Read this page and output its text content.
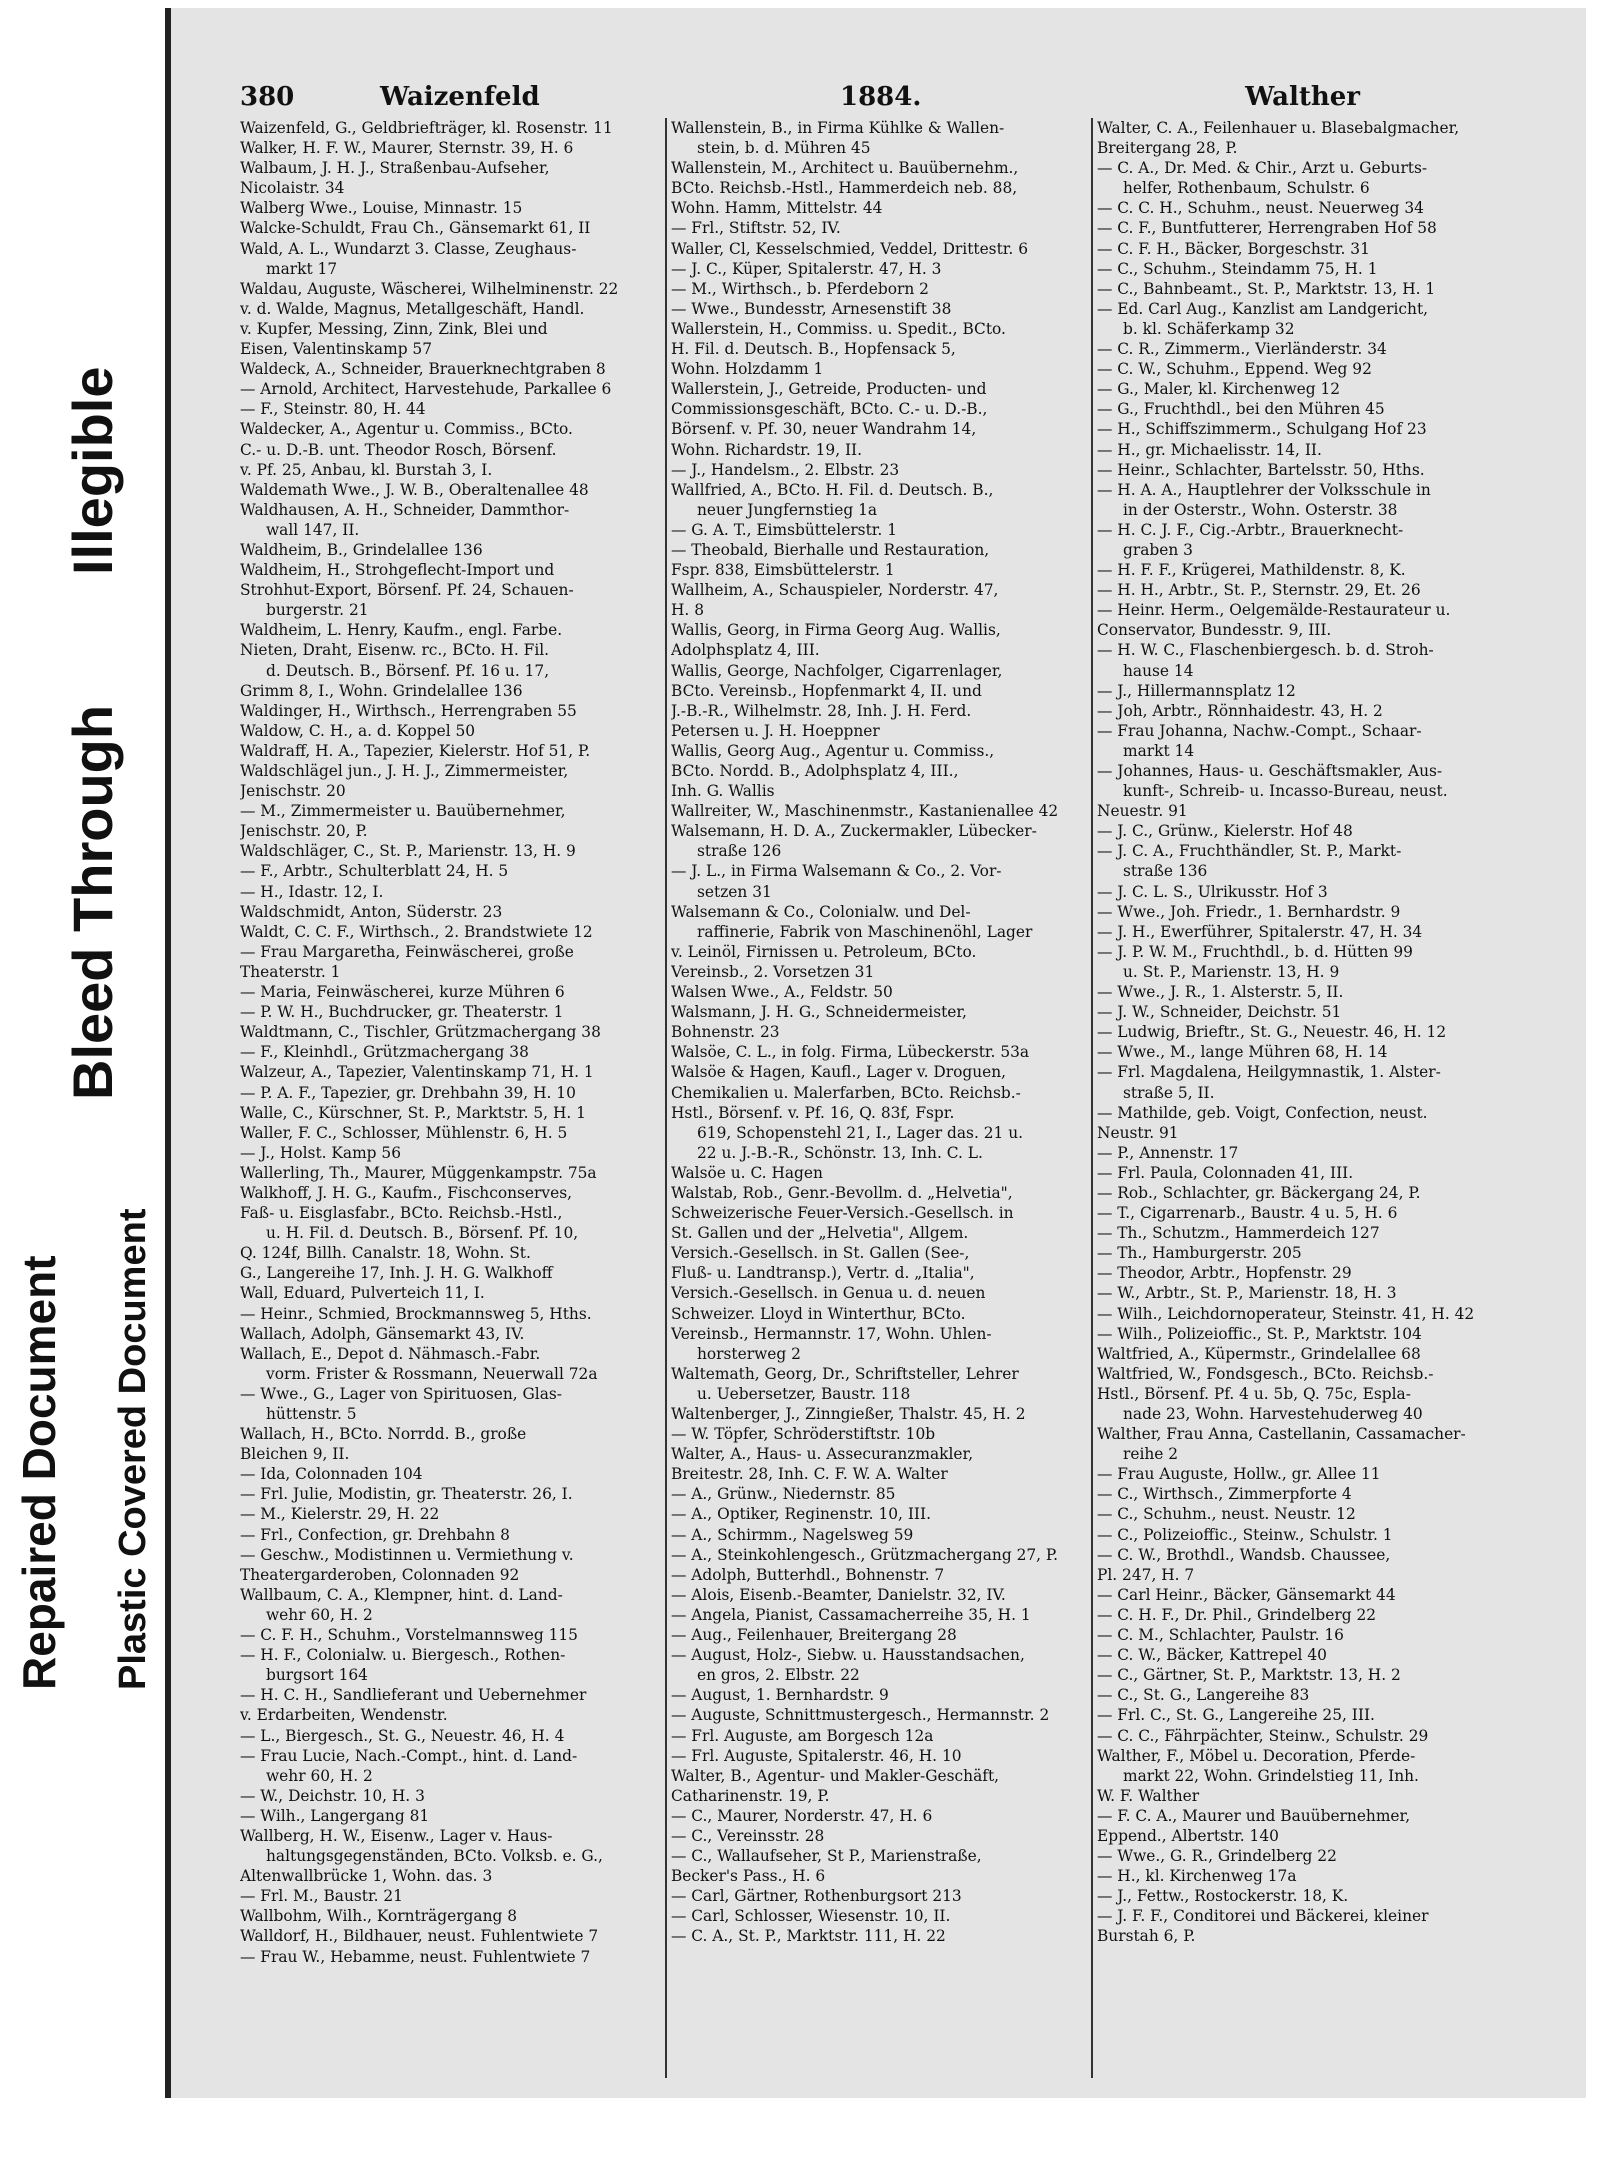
Repaired Document Plastic Covered Document
Bleed Through
Illegible
380	Waizenfeld	1884.	Walther
Waizenfeld, G., Geldbriefträger, kl. Rosenstr. 11
Walker, H. F. W., Maurer, Sternstr. 39, H. 6
Walbaum, J. H. J., Straßenbau-Aufseher,
Nicolaistr. 34
Walberg Wwe., Louise, Minnastr. 15
Walcke-Schuldt, Frau Ch., Gänsemarkt 61, II
Wald, A. L., Wundarzt 3. Classe, Zeughaus-
markt 17
Waldau, Auguste, Wäscherei, Wilhelminenstr. 22
v. d. Walde, Magnus, Metallgeschäft, Handl.
v. Kupfer, Messing, Zinn, Zink, Blei und
Eisen, Valentinskamp 57
Waldeck, A., Schneider, Brauerknechtgraben 8
— Arnold, Architect, Harvestehude, Parkallee 6
— F., Steinstr. 80, H. 44
Waldecker, A., Agentur u. Commiss., BCto.
C.- u. D.-B. unt. Theodor Rosch, Börsenf.
v. Pf. 25, Anbau, kl. Burstah 3, I.
Waldemath Wwe., J. W. B., Oberaltenallee 48
Waldhausen, A. H., Schneider, Dammthor-
wall 147, II.
Waldheim, B., Grindelallee 136
Waldheim, H., Strohgeflecht-Import und
Strohhut-Export, Börsenf. Pf. 24, Schauen-
burgerstr. 21
Waldheim, L. Henry, Kaufm., engl. Farbe.
Nieten, Draht, Eisenw. rc., BCto. H. Fil.
d. Deutsch. B., Börsenf. Pf. 16 u. 17,
Grimm 8, I., Wohn. Grindelallee 136
Waldinger, H., Wirthsch., Herrengraben 55
Waldow, C. H., a. d. Koppel 50
Waldraff, H. A., Tapezier, Kielerstr. Hof 51, P.
Waldschlägel jun., J. H. J., Zimmermeister,
Jenischstr. 20
— M., Zimmermeister u. Bauübernehmer,
Jenischstr. 20, P.
Waldschläger, C., St. P., Marienstr. 13, H. 9
— F., Arbtr., Schulterblatt 24, H. 5
— H., Idastr. 12, I.
Waldschmidt, Anton, Süderstr. 23
Waldt, C. C. F., Wirthsch., 2. Brandstwiete 12
— Frau Margaretha, Feinwäscherei, große
Theaterstr. 1
— Maria, Feinwäscherei, kurze Mühren 6
— P. W. H., Buchdrucker, gr. Theaterstr. 1
Waldtmann, C., Tischler, Grützmachergang 38
— F., Kleinhdl., Grützmachergang 38
Walzeur, A., Tapezier, Valentinskamp 71, H. 1
— P. A. F., Tapezier, gr. Drehbahn 39, H. 10
Walle, C., Kürschner, St. P., Marktstr. 5, H. 1
Waller, F. C., Schlosser, Mühlenstr. 6, H. 5
— J., Holst. Kamp 56
Wallerling, Th., Maurer, Müggenkampstr. 75a
Walkhoff, J. H. G., Kaufm., Fischconserves,
Faß- u. Eisglasfabr., BCto. Reichsb.-Hstl.,
u. H. Fil. d. Deutsch. B., Börsenf. Pf. 10,
Q. 124f, Billh. Canalstr. 18, Wohn. St.
G., Langereihe 17, Inh. J. H. G. Walkhoff
Wall, Eduard, Pulverteich 11, I.
— Heinr., Schmied, Brockmannsweg 5, Hths.
Wallach, Adolph, Gänsemarkt 43, IV.
Wallach, E., Depot d. Nähmasch.-Fabr.
vorm. Frister & Rossmann, Neuerwall 72a
— Wwe., G., Lager von Spirituosen, Glas-
hüttenstr. 5
Wallach, H., BCto. Norrdd. B., große
Bleichen 9, II.
— Ida, Colonnaden 104
— Frl. Julie, Modistin, gr. Theaterstr. 26, I.
— M., Kielerstr. 29, H. 22
— Frl., Confection, gr. Drehbahn 8
— Geschw., Modistinnen u. Vermiethung v.
Theatergarderoben, Colonnaden 92
Wallbaum, C. A., Klempner, hint. d. Land-
wehr 60, H. 2
— C. F. H., Schuhm., Vorstelmannsweg 115
— H. F., Colonialw. u. Biergesch., Rothen-
burgsort 164
— H. C. H., Sandlieferant und Uebernehmer
v. Erdarbeiten, Wendenstr.
— L., Biergesch., St. G., Neuestr. 46, H. 4
— Frau Lucie, Nach.-Compt., hint. d. Land-
wehr 60, H. 2
— W., Deichstr. 10, H. 3
— Wilh., Langergang 81
Wallberg, H. W., Eisenw., Lager v. Haus-
haltungsgegenständen, BCto. Volksb. e. G.,
Altenwallbrücke 1, Wohn. das. 3
— Frl. M., Baustr. 21
Wallbohm, Wilh., Kornträgergang 8
Walldorf, H., Bildhauer, neust. Fuhlentwiete 7
— Frau W., Hebamme, neust. Fuhlentwiete 7
Wallenstein, B., in Firma Kühlke & Wallen-
stein, b. d. Mühren 45
Wallenstein, M., Architect u. Bauübernehm.,
BCto. Reichsb.-Hstl., Hammerdeich neb. 88,
Wohn. Hamm, Mittelstr. 44
— Frl., Stiftstr. 52, IV.
Waller, Cl, Kesselschmied, Veddel, Drittestr. 6
— J. C., Küper, Spitalerstr. 47, H. 3
— M., Wirthsch., b. Pferdeborn 2
— Wwe., Bundesstr, Arnesenstift 38
Wallerstein, H., Commiss. u. Spedit., BCto.
H. Fil. d. Deutsch. B., Hopfensack 5,
Wohn. Holzdamm 1
Wallerstein, J., Getreide, Producten- und
Commissionsgeschäft, BCto. C.- u. D.-B.,
Börsenf. v. Pf. 30, neuer Wandrahm 14,
Wohn. Richardstr. 19, II.
— J., Handelsm., 2. Elbstr. 23
Wallfried, A., BCto. H. Fil. d. Deutsch. B.,
neuer Jungfernstieg 1a
— G. A. T., Eimsbüttelerstr. 1
— Theobald, Bierhalle und Restauration,
Fspr. 838, Eimsbüttelerstr. 1
Wallheim, A., Schauspieler, Norderstr. 47,
H. 8
Wallis, Georg, in Firma Georg Aug. Wallis,
Adolphsplatz 4, III.
Wallis, George, Nachfolger, Cigarrenlager,
BCto. Vereinsb., Hopfenmarkt 4, II. und
J.-B.-R., Wilhelmstr. 28, Inh. J. H. Ferd.
Petersen u. J. H. Hoeppner
Wallis, Georg Aug., Agentur u. Commiss.,
BCto. Nordd. B., Adolphsplatz 4, III.,
Inh. G. Wallis
Wallreiter, W., Maschinenmstr., Kastanienallee 42
Walsemann, H. D. A., Zuckermakler, Lübecker-
straße 126
— J. L., in Firma Walsemann & Co., 2. Vor-
setzen 31
Walsemann & Co., Colonialw. und Del-
raffinerie, Fabrik von Maschinenöhl, Lager
v. Leinöl, Firnissen u. Petroleum, BCto.
Vereinsb., 2. Vorsetzen 31
Walsen Wwe., A., Feldstr. 50
Walsmann, J. H. G., Schneidermeister,
Bohnenstr. 23
Walsöe, C. L., in folg. Firma, Lübeckerstr. 53a
Walsöe & Hagen, Kaufl., Lager v. Droguen,
Chemikalien u. Malerfarben, BCto. Reichsb.-
Hstl., Börsenf. v. Pf. 16, Q. 83f, Fspr.
619, Schopenstehl 21, I., Lager das. 21 u.
22 u. J.-B.-R., Schönstr. 13, Inh. C. L.
Walsöe u. C. Hagen
Walstab, Rob., Genr.-Bevollm. d. „Helvetia",
Schweizerische Feuer-Versich.-Gesellsch. in
St. Gallen und der „Helvetia", Allgem.
Versich.-Gesellsch. in St. Gallen (See-,
Fluß- u. Landtransp.), Vertr. d. „Italia",
Versich.-Gesellsch. in Genua u. d. neuen
Schweizer. Lloyd in Winterthur, BCto.
Vereinsb., Hermannstr. 17, Wohn. Uhlen-
horsterweg 2
Waltemath, Georg, Dr., Schriftsteller, Lehrer
u. Uebersetzer, Baustr. 118
Waltenberger, J., Zinngießer, Thalstr. 45, H. 2
— W. Töpfer, Schröderstiftstr. 10b
Walter, A., Haus- u. Assecuranzmakler,
Breitestr. 28, Inh. C. F. W. A. Walter
— A., Grünw., Niedernstr. 85
— A., Optiker, Reginenstr. 10, III.
— A., Schirmm., Nagelsweg 59
— A., Steinkohlengesch., Grützmachergang 27, P.
— Adolph, Butterhdl., Bohnenstr. 7
— Alois, Eisenb.-Beamter, Danielstr. 32, IV.
— Angela, Pianist, Cassamacherreihe 35, H. 1
— Aug., Feilenhauer, Breitergang 28
— August, Holz-, Siebw. u. Hausstandsachen,
en gros, 2. Elbstr. 22
— August, 1. Bernhardstr. 9
— Auguste, Schnittmustergesch., Hermannstr. 2
— Frl. Auguste, am Borgesch 12a
— Frl. Auguste, Spitalerstr. 46, H. 10
Walter, B., Agentur- und Makler-Geschäft,
Catharinenstr. 19, P.
— C., Maurer, Norderstr. 47, H. 6
— C., Vereinsstr. 28
— C., Wallaufseher, St P., Marienstraße,
Becker's Pass., H. 6
— Carl, Gärtner, Rothenburgsort 213
— Carl, Schlosser, Wiesenstr. 10, II.
— C. A., St. P., Marktstr. 111, H. 22
Walter, C. A., Feilenhauer u. Blasebalgmacher,
Breitergang 28, P.
— C. A., Dr. Med. & Chir., Arzt u. Geburts-
helfer, Rothenbaum, Schulstr. 6
— C. C. H., Schuhm., neust. Neuerweg 34
— C. F., Buntfutterer, Herrengraben Hof 58
— C. F. H., Bäcker, Borgeschstr. 31
— C., Schuhm., Steindamm 75, H. 1
— C., Bahnbeamt., St. P., Marktstr. 13, H. 1
— Ed. Carl Aug., Kanzlist am Landgericht,
b. kl. Schäferkamp 32
— C. R., Zimmerm., Vierländerstr. 34
— C. W., Schuhm., Eppend. Weg 92
— G., Maler, kl. Kirchenweg 12
— G., Fruchthdl., bei den Mühren 45
— H., Schiffszimmerm., Schulgang Hof 23
— H., gr. Michaelisstr. 14, II.
— Heinr., Schlachter, Bartelsstr. 50, Hths.
— H. A. A., Hauptlehrer der Volksschule in
in der Osterstr., Wohn. Osterstr. 38
— H. C. J. F., Cig.-Arbtr., Brauerknecht-
graben 3
— H. F. F., Krügerei, Mathildenstr. 8, K.
— H. H., Arbtr., St. P., Sternstr. 29, Et. 26
— Heinr. Herm., Oelgemälde-Restaurateur u.
Conservator, Bundesstr. 9, III.
— H. W. C., Flaschenbiergesch. b. d. Stroh-
hause 14
— J., Hillermannsplatz 12
— Joh, Arbtr., Rönnhaidestr. 43, H. 2
— Frau Johanna, Nachw.-Compt., Schaar-
markt 14
— Johannes, Haus- u. Geschäftsmakler, Aus-
kunft-, Schreib- u. Incasso-Bureau, neust.
Neuestr. 91
— J. C., Grünw., Kielerstr. Hof 48
— J. C. A., Fruchthändler, St. P., Markt-
straße 136
— J. C. L. S., Ulrikusstr. Hof 3
— Wwe., Joh. Friedr., 1. Bernhardstr. 9
— J. H., Ewerführer, Spitalerstr. 47, H. 34
— J. P. W. M., Fruchthdl., b. d. Hütten 99
u. St. P., Marienstr. 13, H. 9
— Wwe., J. R., 1. Alsterstr. 5, II.
— J. W., Schneider, Deichstr. 51
— Ludwig, Brieftr., St. G., Neuestr. 46, H. 12
— Wwe., M., lange Mühren 68, H. 14
— Frl. Magdalena, Heilgymnastik, 1. Alster-
straße 5, II.
— Mathilde, geb. Voigt, Confection, neust.
Neustr. 91
— P., Annenstr. 17
— Frl. Paula, Colonnaden 41, III.
— Rob., Schlachter, gr. Bäckergang 24, P.
— T., Cigarrenarb., Baustr. 4 u. 5, H. 6
— Th., Schutzm., Hammerdeich 127
— Th., Hamburgerstr. 205
— Theodor, Arbtr., Hopfenstr. 29
— W., Arbtr., St. P., Marienstr. 18, H. 3
— Wilh., Leichdornoperateur, Steinstr. 41, H. 42
— Wilh., Polizeioffic., St. P., Marktstr. 104
Waltfried, A., Küpermstr., Grindelallee 68
Waltfried, W., Fondsgesch., BCto. Reichsb.-
Hstl., Börsenf. Pf. 4 u. 5b, Q. 75c, Espla-
nade 23, Wohn. Harvestehuderweg 40
Walther, Frau Anna, Castellanin, Cassamacher-
reihe 2
— Frau Auguste, Hollw., gr. Allee 11
— C., Wirthsch., Zimmerpforte 4
— C., Schuhm., neust. Neustr. 12
— C., Polizeioffic., Steinw., Schulstr. 1
— C. W., Brothdl., Wandsb. Chaussee,
Pl. 247, H. 7
— Carl Heinr., Bäcker, Gänsemarkt 44
— C. H. F., Dr. Phil., Grindelberg 22
— C. M., Schlachter, Paulstr. 16
— C. W., Bäcker, Kattrepel 40
— C., Gärtner, St. P., Marktstr. 13, H. 2
— C., St. G., Langereihe 83
— Frl. C., St. G., Langereihe 25, III.
— C. C., Fährpächter, Steinw., Schulstr. 29
Walther, F., Möbel u. Decoration, Pferde-
markt 22, Wohn. Grindelstieg 11, Inh.
W. F. Walther
— F. C. A., Maurer und Bauübernehmer,
Eppend., Albertstr. 140
— Wwe., G. R., Grindelberg 22
— H., kl. Kirchenweg 17a
— J., Fettw., Rostockerstr. 18, K.
— J. F. F., Conditorei und Bäckerei, kleiner
Burstah 6, P.
